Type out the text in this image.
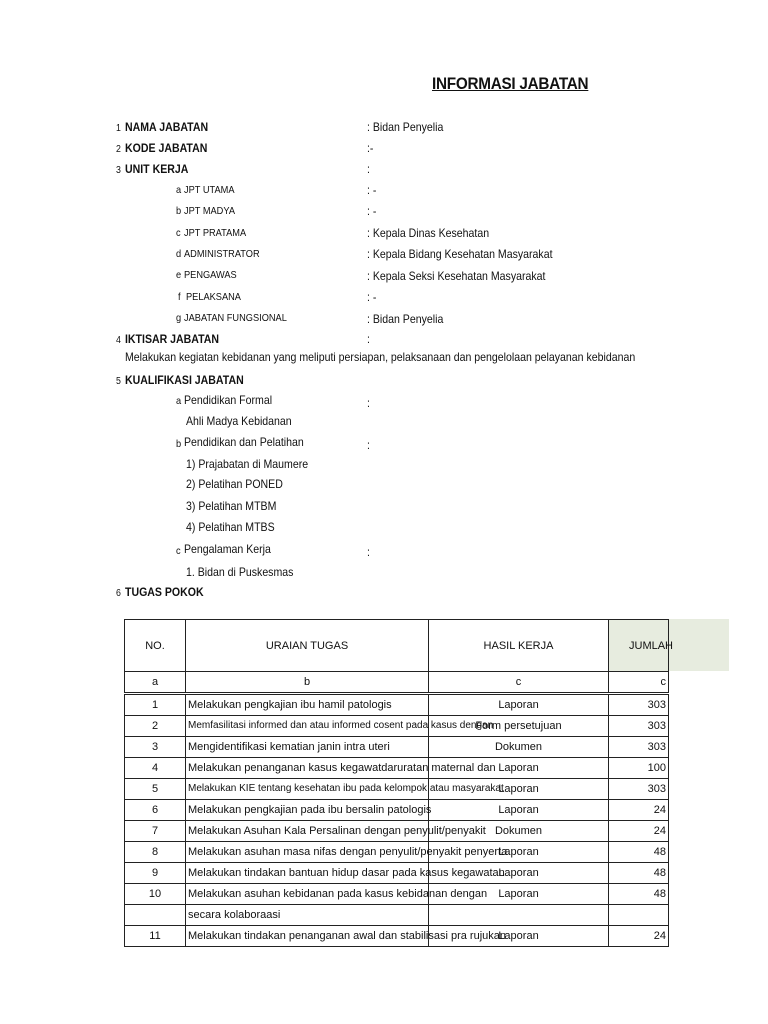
INFORMASI JABATAN
1 NAMA JABATAN	: Bidan Penyelia
2 KODE JABATAN	:-
3 UNIT KERJA	:
a JPT UTAMA	: -
b JPT MADYA	: -
c JPT PRATAMA	: Kepala Dinas Kesehatan
d ADMINISTRATOR	: Kepala Bidang Kesehatan Masyarakat
e PENGAWAS	: Kepala Seksi Kesehatan Masyarakat
f PELAKSANA	: -
g JABATAN FUNGSIONAL	: Bidan Penyelia
4 IKTISAR JABATAN	:
Melakukan kegiatan kebidanan yang meliputi persiapan, pelaksanaan dan pengelolaan pelayanan kebidanan
5 KUALIFIKASI JABATAN
a Pendidikan Formal	:
Ahli Madya Kebidanan
b Pendidikan dan Pelatihan	:
1) Prajabatan di Maumere
2) Pelatihan PONED
3) Pelatihan MTBM
4) Pelatihan MTBS
c Pengalaman Kerja	:
1. Bidan di Puskesmas
6 TUGAS POKOK
NO.	URAIAN TUGAS	HASIL KERJA	JUMLAH
a	b	c	c
1	Melakukan pengkajian ibu hamil patologis	Laporan	303
2	Memfasilitasi informed dan atau informed cosent pada kasus dengan	Form persetujuan	303
3	Mengidentifikasi kematian janin intra uteri	Dokumen	303
4	Melakukan penanganan kasus kegawatdaruratan maternal dan	Laporan	100
5	Melakukan KIE tentang kesehatan ibu pada kelompok atau masyarakat	Laporan	303
6	Melakukan pengkajian pada ibu bersalin patologis	Laporan	24
7	Melakukan Asuhan Kala Persalinan dengan penyulit/penyakit	Dokumen	24
8	Melakukan asuhan masa nifas dengan penyulit/penyakit penyerta	Laporan	48
9	Melakukan tindakan bantuan hidup dasar pada kasus kegawatan	Laporan	48
10	Melakukan asuhan kebidanan pada kasus kebidanan dengan	Laporan	48
	secara kolaboraasi		
11	Melakukan tindakan penanganan awal dan stabilisasi pra rujukan	Laporan	24
